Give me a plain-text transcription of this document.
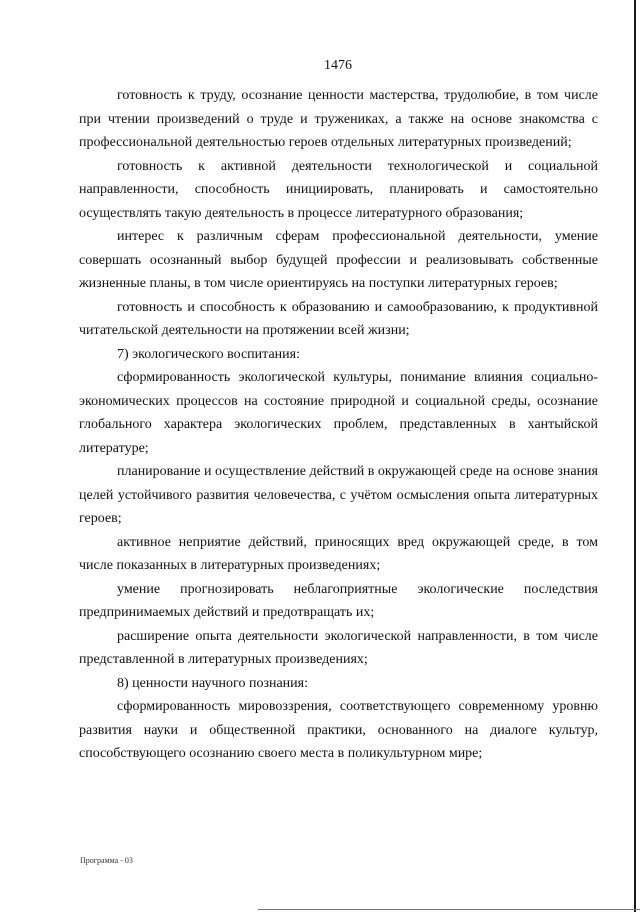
1476

готовность к труду, осознание ценности мастерства, трудолюбие, в том числе при чтении произведений о труде и тружениках, а также на основе знакомства с профессиональной деятельностью героев отдельных литературных произведений;

готовность к активной деятельности технологической и социальной направленности, способность инициировать, планировать и самостоятельно осуществлять такую деятельность в процессе литературного образования;

интерес к различным сферам профессиональной деятельности, умение совершать осознанный выбор будущей профессии и реализовывать собственные жизненные планы, в том числе ориентируясь на поступки литературных героев;

готовность и способность к образованию и самообразованию, к продуктивной читательской деятельности на протяжении всей жизни;

7) экологического воспитания:

сформированность экологической культуры, понимание влияния социально-экономических процессов на состояние природной и социальной среды, осознание глобального характера экологических проблем, представленных в хантыйской литературе;

планирование и осуществление действий в окружающей среде на основе знания целей устойчивого развития человечества, с учётом осмысления опыта литературных героев;

активное неприятие действий, приносящих вред окружающей среде, в том числе показанных в литературных произведениях;

умение прогнозировать неблагоприятные экологические последствия предпринимаемых действий и предотвращать их;

расширение опыта деятельности экологической направленности, в том числе представленной в литературных произведениях;

8) ценности научного познания:

сформированность мировоззрения, соответствующего современному уровню развития науки и общественной практики, основанного на диалоге культур, способствующего осознанию своего места в поликультурном мире;

Программа - 03
